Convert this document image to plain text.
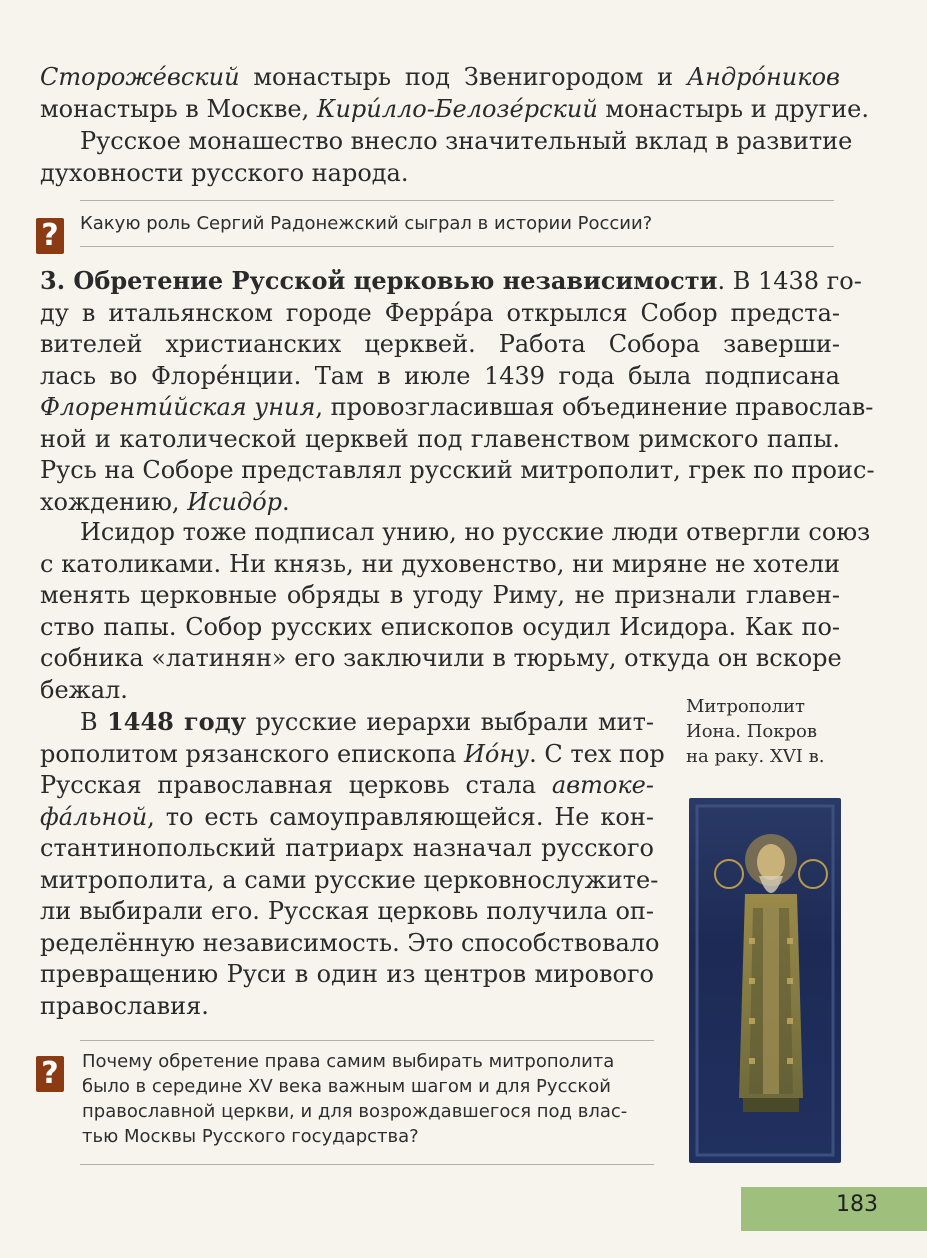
Сторожéвский монастырь под Звенигородом и Андрóников
монастырь в Москве, Кирúлло-Белозéрский монастырь и другие.
Русское монашество внесло значительный вклад в развитие
духовности русского народа.
? Какую роль Сергий Радонежский сыграл в истории России?
3. Обретение Русской церковью независимости. В 1438 го-
ду в итальянском городе Феррáра открылся Собор предста-
вителей христианских церквей. Работа Собора заверши-
лась во Флорéнции. Там в июле 1439 года была подписана
Флорентúйская уния, провозгласившая объединение православ-
ной и католической церквей под главенством римского папы.
Русь на Соборе представлял русский митрополит, грек по проис-
хождению, Исидóр.
Исидор тоже подписал унию, но русские люди отвергли союз
с католиками. Ни князь, ни духовенство, ни миряне не хотели
менять церковные обряды в угоду Риму, не признали главен-
ство папы. Собор русских епископов осудил Исидора. Как по-
собника «латинян» его заключили в тюрьму, откуда он вскоре
бежал.
В 1448 году русские иерархи выбрали мит-
рополитом рязанского епископа Иóну. С тех пор
Русская православная церковь стала автоке-
фáльной, то есть самоуправляющейся. Не кон-
стантинопольский патриарх назначал русского
митрополита, а сами русские церковнослужите-
ли выбирали его. Русская церковь получила оп-
ределённую независимость. Это способствовало
превращению Руси в один из центров мирового
православия.
Митрополит
Иона. Покров
на раку. XVI в.
? Почему обретение права самим выбирать митрополита
было в середине XV века важным шагом и для Русской
православной церкви, и для возрождавшегося под влас-
тью Москвы Русского государства?
183
